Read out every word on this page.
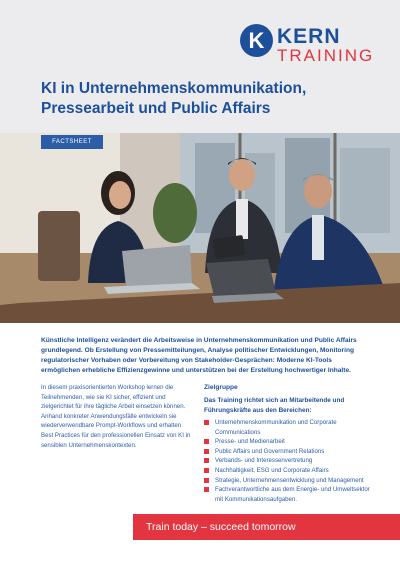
K KERN
TRAINING
KI in Unternehmenskommunikation,
Pressearbeit und Public Affairs
FACTSHEET

Künstliche Intelligenz verändert die Arbeitsweise in Unternehmenskommunikation und Public Affairs grundlegend. Ob Erstellung von Pressemitteilungen, Analyse politischer Entwicklungen, Monitoring regulatorischer Vorhaben oder Vorbereitung von Stakeholder-Gesprächen: Moderne KI-Tools ermöglichen erhebliche Effizienzgewinne und unterstützen bei der Erstellung hochwertiger Inhalte.

In diesem praxisorientierten Workshop lernen die Teilnehmenden, wie sie KI sicher, effizient und zielgerichtet für ihre tägliche Arbeit einsetzen können. Anhand konkreter Anwendungsfälle entwickeln sie wiederverwendbare Prompt-Workflows und erhalten Best Practices für den professionellen Einsatz von KI in sensiblen Unternehmenskontexten.

Zielgruppe

Das Training richtet sich an Mitarbeitende und Führungskräfte aus den Bereichen:

Unternehmenskommunikation und Corporate Communications
Presse- und Medienarbeit
Public Affairs und Government Relations
Verbands- und Interessenvertretung
Nachhaltigkeit, ESG und Corporate Affairs
Strategie, Unternehmensentwicklung und Management
Fachverantwortliche aus dem Energie- und Umweltsektor mit Kommunikationsaufgaben.
Train today – succeed tomorrow
